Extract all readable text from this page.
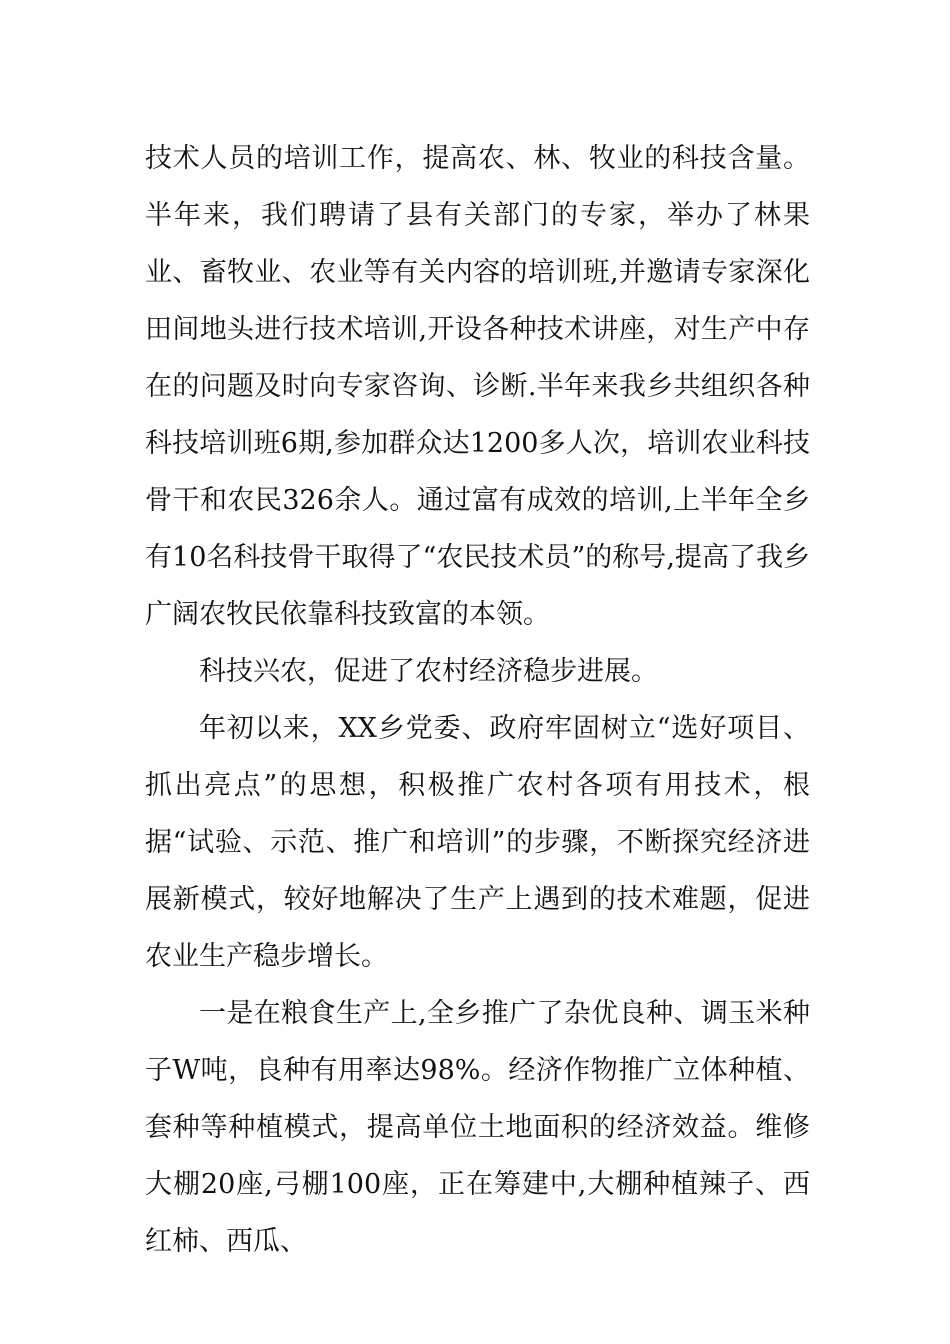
技术人员的培训工作，提高农、林、牧业的科技含量。半年来，我们聘请了县有关部门的专家，举办了林果业、畜牧业、农业等有关内容的培训班,并邀请专家深化田间地头进行技术培训,开设各种技术讲座，对生产中存在的问题及时向专家咨询、诊断.半年来我乡共组织各种科技培训班6期,参加群众达1200多人次，培训农业科技骨干和农民326余人。通过富有成效的培训,上半年全乡有10名科技骨干取得了“农民技术员”的称号,提高了我乡广阔农牧民依靠科技致富的本领。

科技兴农，促进了农村经济稳步进展。

年初以来，XX乡党委、政府牢固树立“选好项目、抓出亮点”的思想，积极推广农村各项有用技术，根据“试验、示范、推广和培训”的步骤，不断探究经济进展新模式，较好地解决了生产上遇到的技术难题，促进农业生产稳步增长。

一是在粮食生产上,全乡推广了杂优良种、调玉米种子W吨，良种有用率达98%。经济作物推广立体种植、套种等种植模式，提高单位土地面积的经济效益。维修大棚20座,弓棚100座，正在筹建中,大棚种植辣子、西红柿、西瓜、
